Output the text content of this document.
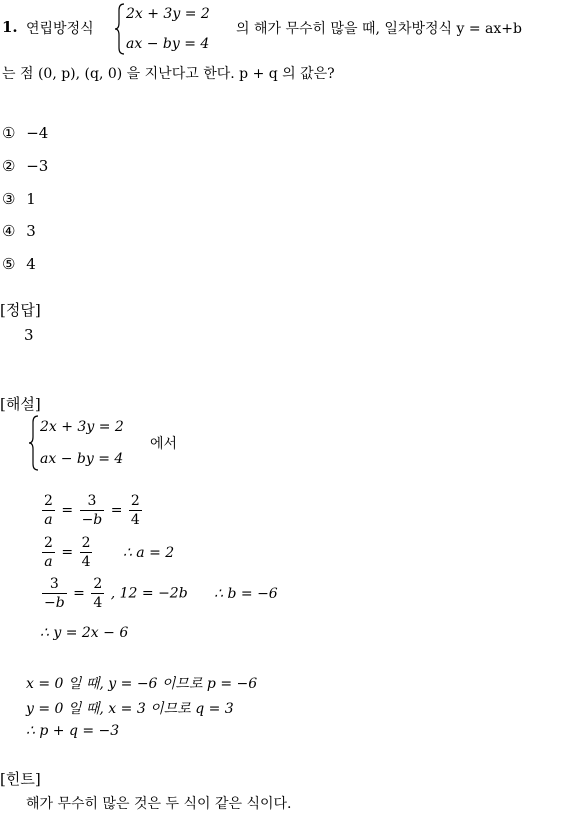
1. 연립방정식
2x + 3y = 2
ax − by = 4
의 해가 무수히 많을 때, 일차방정식 y = ax+b
는 점 (0, p), (q, 0) 을 지난다고 한다. p + q 의 값은?
① −4
② −3
③ 1
④ 3
⑤ 4
[정답]
3
[해설]
2x + 3y = 2
ax − by = 4
에서
$\frac{2}{a} = \frac{3}{-b} = \frac{2}{4}$
$\frac{2}{a} = \frac{2}{4}$ ∴ a = 2
$\frac{3}{-b} = \frac{2}{4}$ , 12 = −2b ∴ b = −6
∴ y = 2x − 6
x = 0 일 때, y = −6 이므로 p = −6
y = 0 일 때, x = 3 이므로 q = 3
∴ p + q = −3
[힌트]
해가 무수히 많은 것은 두 식이 같은 식이다.
